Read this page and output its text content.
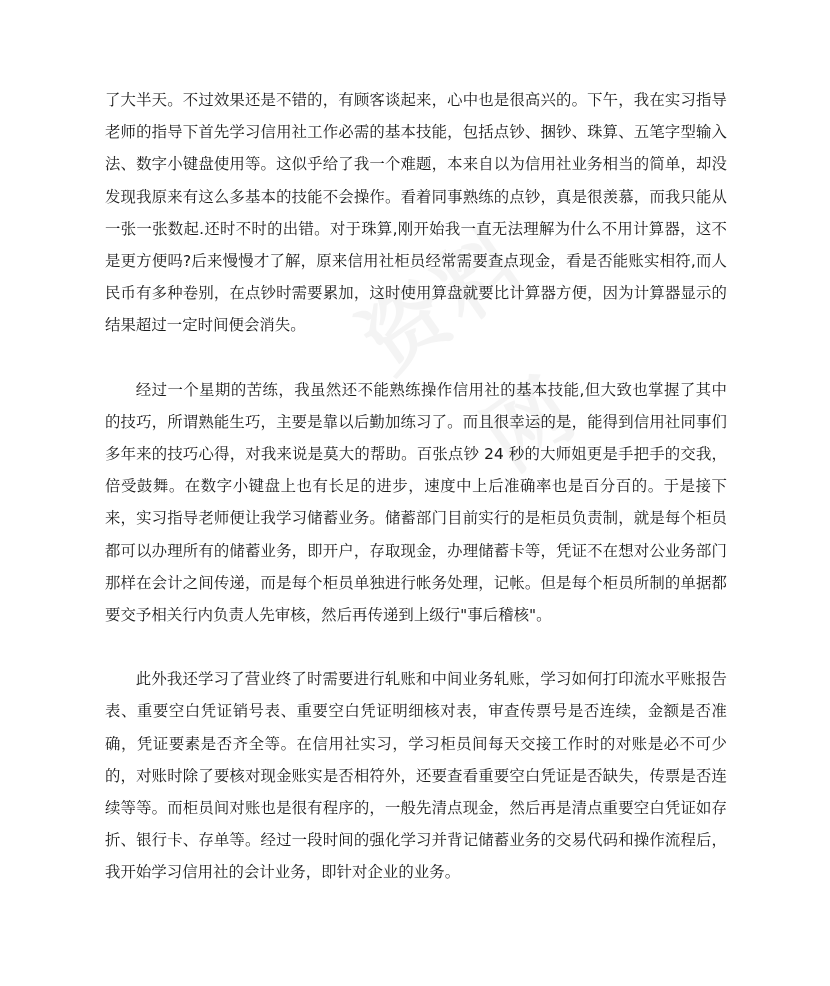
了大半天。不过效果还是不错的，有顾客谈起来，心中也是很高兴的。下午，我在实习指导老师的指导下首先学习信用社工作必需的基本技能，包括点钞、捆钞、珠算、五笔字型输入法、数字小键盘使用等。这似乎给了我一个难题，本来自以为信用社业务相当的简单，却没发现我原来有这么多基本的技能不会操作。看着同事熟练的点钞，真是很羡慕，而我只能从一张一张数起.还时不时的出错。对于珠算,刚开始我一直无法理解为什么不用计算器，这不是更方便吗?后来慢慢才了解，原来信用社柜员经常需要查点现金，看是否能账实相符,而人民币有多种卷别，在点钞时需要累加，这时使用算盘就要比计算器方便，因为计算器显示的结果超过一定时间便会消失。

经过一个星期的苦练，我虽然还不能熟练操作信用社的基本技能,但大致也掌握了其中的技巧，所谓熟能生巧，主要是靠以后勤加练习了。而且很幸运的是，能得到信用社同事们多年来的技巧心得，对我来说是莫大的帮助。百张点钞 24 秒的大师姐更是手把手的交我，倍受鼓舞。在数字小键盘上也有长足的进步，速度中上后准确率也是百分百的。于是接下来，实习指导老师便让我学习储蓄业务。储蓄部门目前实行的是柜员负责制，就是每个柜员都可以办理所有的储蓄业务，即开户，存取现金，办理储蓄卡等，凭证不在想对公业务部门那样在会计之间传递，而是每个柜员单独进行帐务处理，记帐。但是每个柜员所制的单据都要交予相关行内负责人先审核，然后再传递到上级行"事后稽核"。

此外我还学习了营业终了时需要进行轧账和中间业务轧账，学习如何打印流水平账报告表、重要空白凭证销号表、重要空白凭证明细核对表，审查传票号是否连续，金额是否准确，凭证要素是否齐全等。在信用社实习，学习柜员间每天交接工作时的对账是必不可少的，对账时除了要核对现金账实是否相符外，还要查看重要空白凭证是否缺失，传票是否连续等等。而柜员间对账也是很有程序的，一般先清点现金，然后再是清点重要空白凭证如存折、银行卡、存单等。经过一段时间的强化学习并背记储蓄业务的交易代码和操作流程后，我开始学习信用社的会计业务，即针对企业的业务。
